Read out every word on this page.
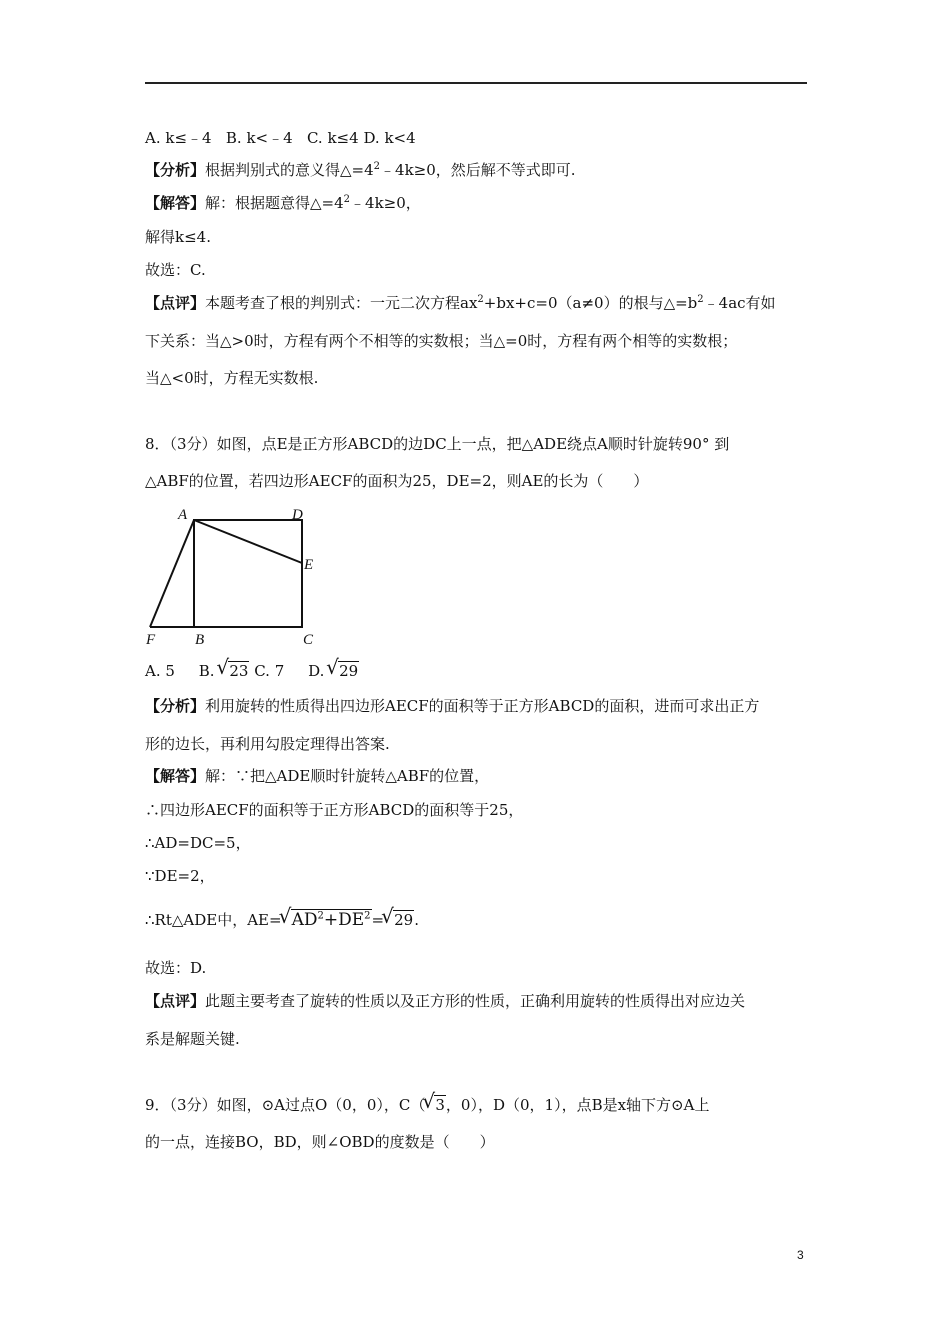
A. k≤﹣4 B. k<﹣4 C. k≤4 D. k<4
【分析】根据判别式的意义得$\triangle=4^2﹣4k\ge 0$，然后解不等式即可.
【解答】解：根据题意得$\triangle=4^2﹣4k\ge 0$，
解得k≤4.
故选：C.
【点评】本题考查了根的判别式：一元二次方程$ax^2+bx+c=0(a\ne 0)$的根与$\triangle=b^2﹣4ac$有如
下关系：当△>0时，方程有两个不相等的实数根；当△=0时，方程有两个相等的实数根；
当△<0时，方程无实数根.
8．（3分）如图，点E是正方形ABCD的边DC上一点，把△ADE绕点A顺时针旋转90° 到
△ABF的位置，若四边形AECF的面积为25，DE=2，则AE的长为（　　）
A	D
E
F	B	C
A. 5 B. √ 23 C. 7 D. √ 29
【分析】利用旋转的性质得出四边形AECF的面积等于正方形ABCD的面积，进而可求出正方
形的边长，再利用勾股定理得出答案.
【解答】解：∵把△ADE顺时针旋转△ABF的位置，
∴四边形AECF的面积等于正方形ABCD的面积等于25，
∴AD=DC=5，
∵DE=2，
∴Rt△ADE中，AE=√ $AD^2+DE^2=√$ 29.
故选：D.
【点评】此题主要考查了旋转的性质以及正方形的性质，正确利用旋转的性质得出对应边关
系是解题关键.
9．（3分）如图，⊙A过点O（0，0），C（√ 3，0），D（0，1），点B是x轴下方⊙A上
的一点，连接BO，BD，则∠OBD的度数是（　　）
3
